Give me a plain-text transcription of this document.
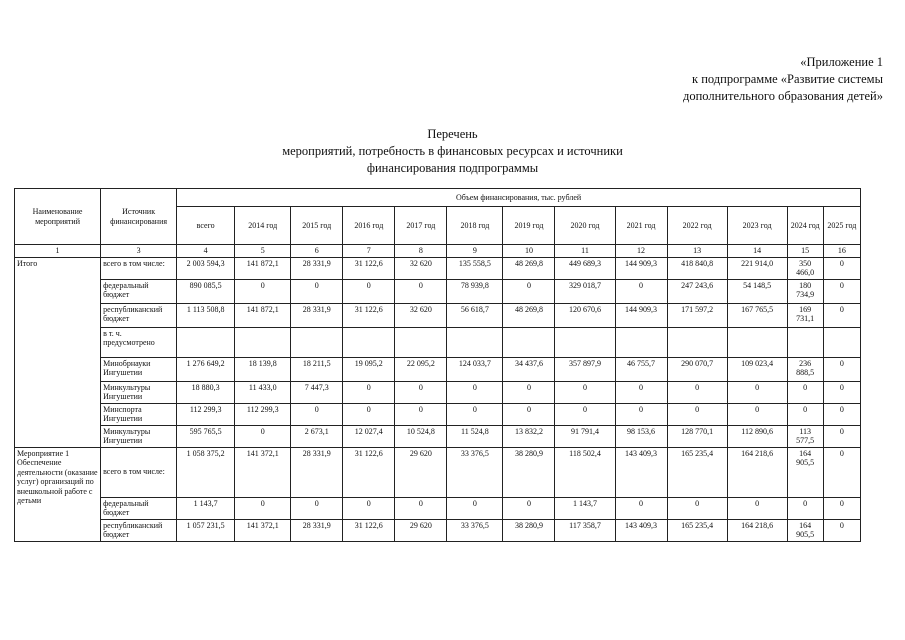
«Приложение 1
к подпрограмме «Развитие системы
дополнительного образования детей»
Перечень
мероприятий, потребность в финансовых ресурсах и источники
финансирования подпрограммы
Наименование мероприятий	Источник финансирования	Объем финансирования, тыс. рублей												
		всего	2014 год	2015 год	2016 год	2017 год	2018 год	2019 год	2020 год	2021 год	2022 год	2023 год	2024 год	2025 год
1	3	4	5	6	7	8	9	10	11	12	13	14	15	16
Итого	всего в том числе:	2 003 594,3	141 872,1	28 331,9	31 122,6	32 620	135 558,5	48 269,8	449 689,3	144 909,3	418 840,8	221 914,0	350 466,0	0
	федеральный бюджет	890 085,5	0	0	0	0	78 939,8	0	329 018,7	0	247 243,6	54 148,5	180 734,9	0
	республиканский бюджет	1 113 508,8	141 872,1	28 331,9	31 122,6	32 620	56 618,7	48 269,8	120 670,6	144 909,3	171 597,2	167 765,5	169 731,1	0
	в т. ч. предусмотрено													
	Минобрнауки Ингушетии	1 276 649,2	18 139,8	18 211,5	19 095,2	22 095,2	124 033,7	34 437,6	357 897,9	46 755,7	290 070,7	109 023,4	236 888,5	0
	Минкультуры Ингушетии	18 880,3	11 433,0	7 447,3	0	0	0	0	0	0	0	0	0	0
	Минспорта Ингушетии	112 299,3	112 299,3	0	0	0	0	0	0	0	0	0	0	0
	Минкультуры Ингушетии	595 765,5	0	2 673,1	12 027,4	10 524,8	11 524,8	13 832,2	91 791,4	98 153,6	128 770,1	112 890,6	113 577,5	0
Мероприятие 1 Обеспечение деятельности (оказание услуг) организаций по внешкольной работе с детьми	всего в том числе:	1 058 375,2	141 372,1	28 331,9	31 122,6	29 620	33 376,5	38 280,9	118 502,4	143 409,3	165 235,4	164 218,6	164 905,5	0
	федеральный бюджет	1 143,7	0	0	0	0	0	0	1 143,7	0	0	0	0	0
	республиканский бюджет	1 057 231,5	141 372,1	28 331,9	31 122,6	29 620	33 376,5	38 280,9	117 358,7	143 409,3	165 235,4	164 218,6	164 905,5	0
